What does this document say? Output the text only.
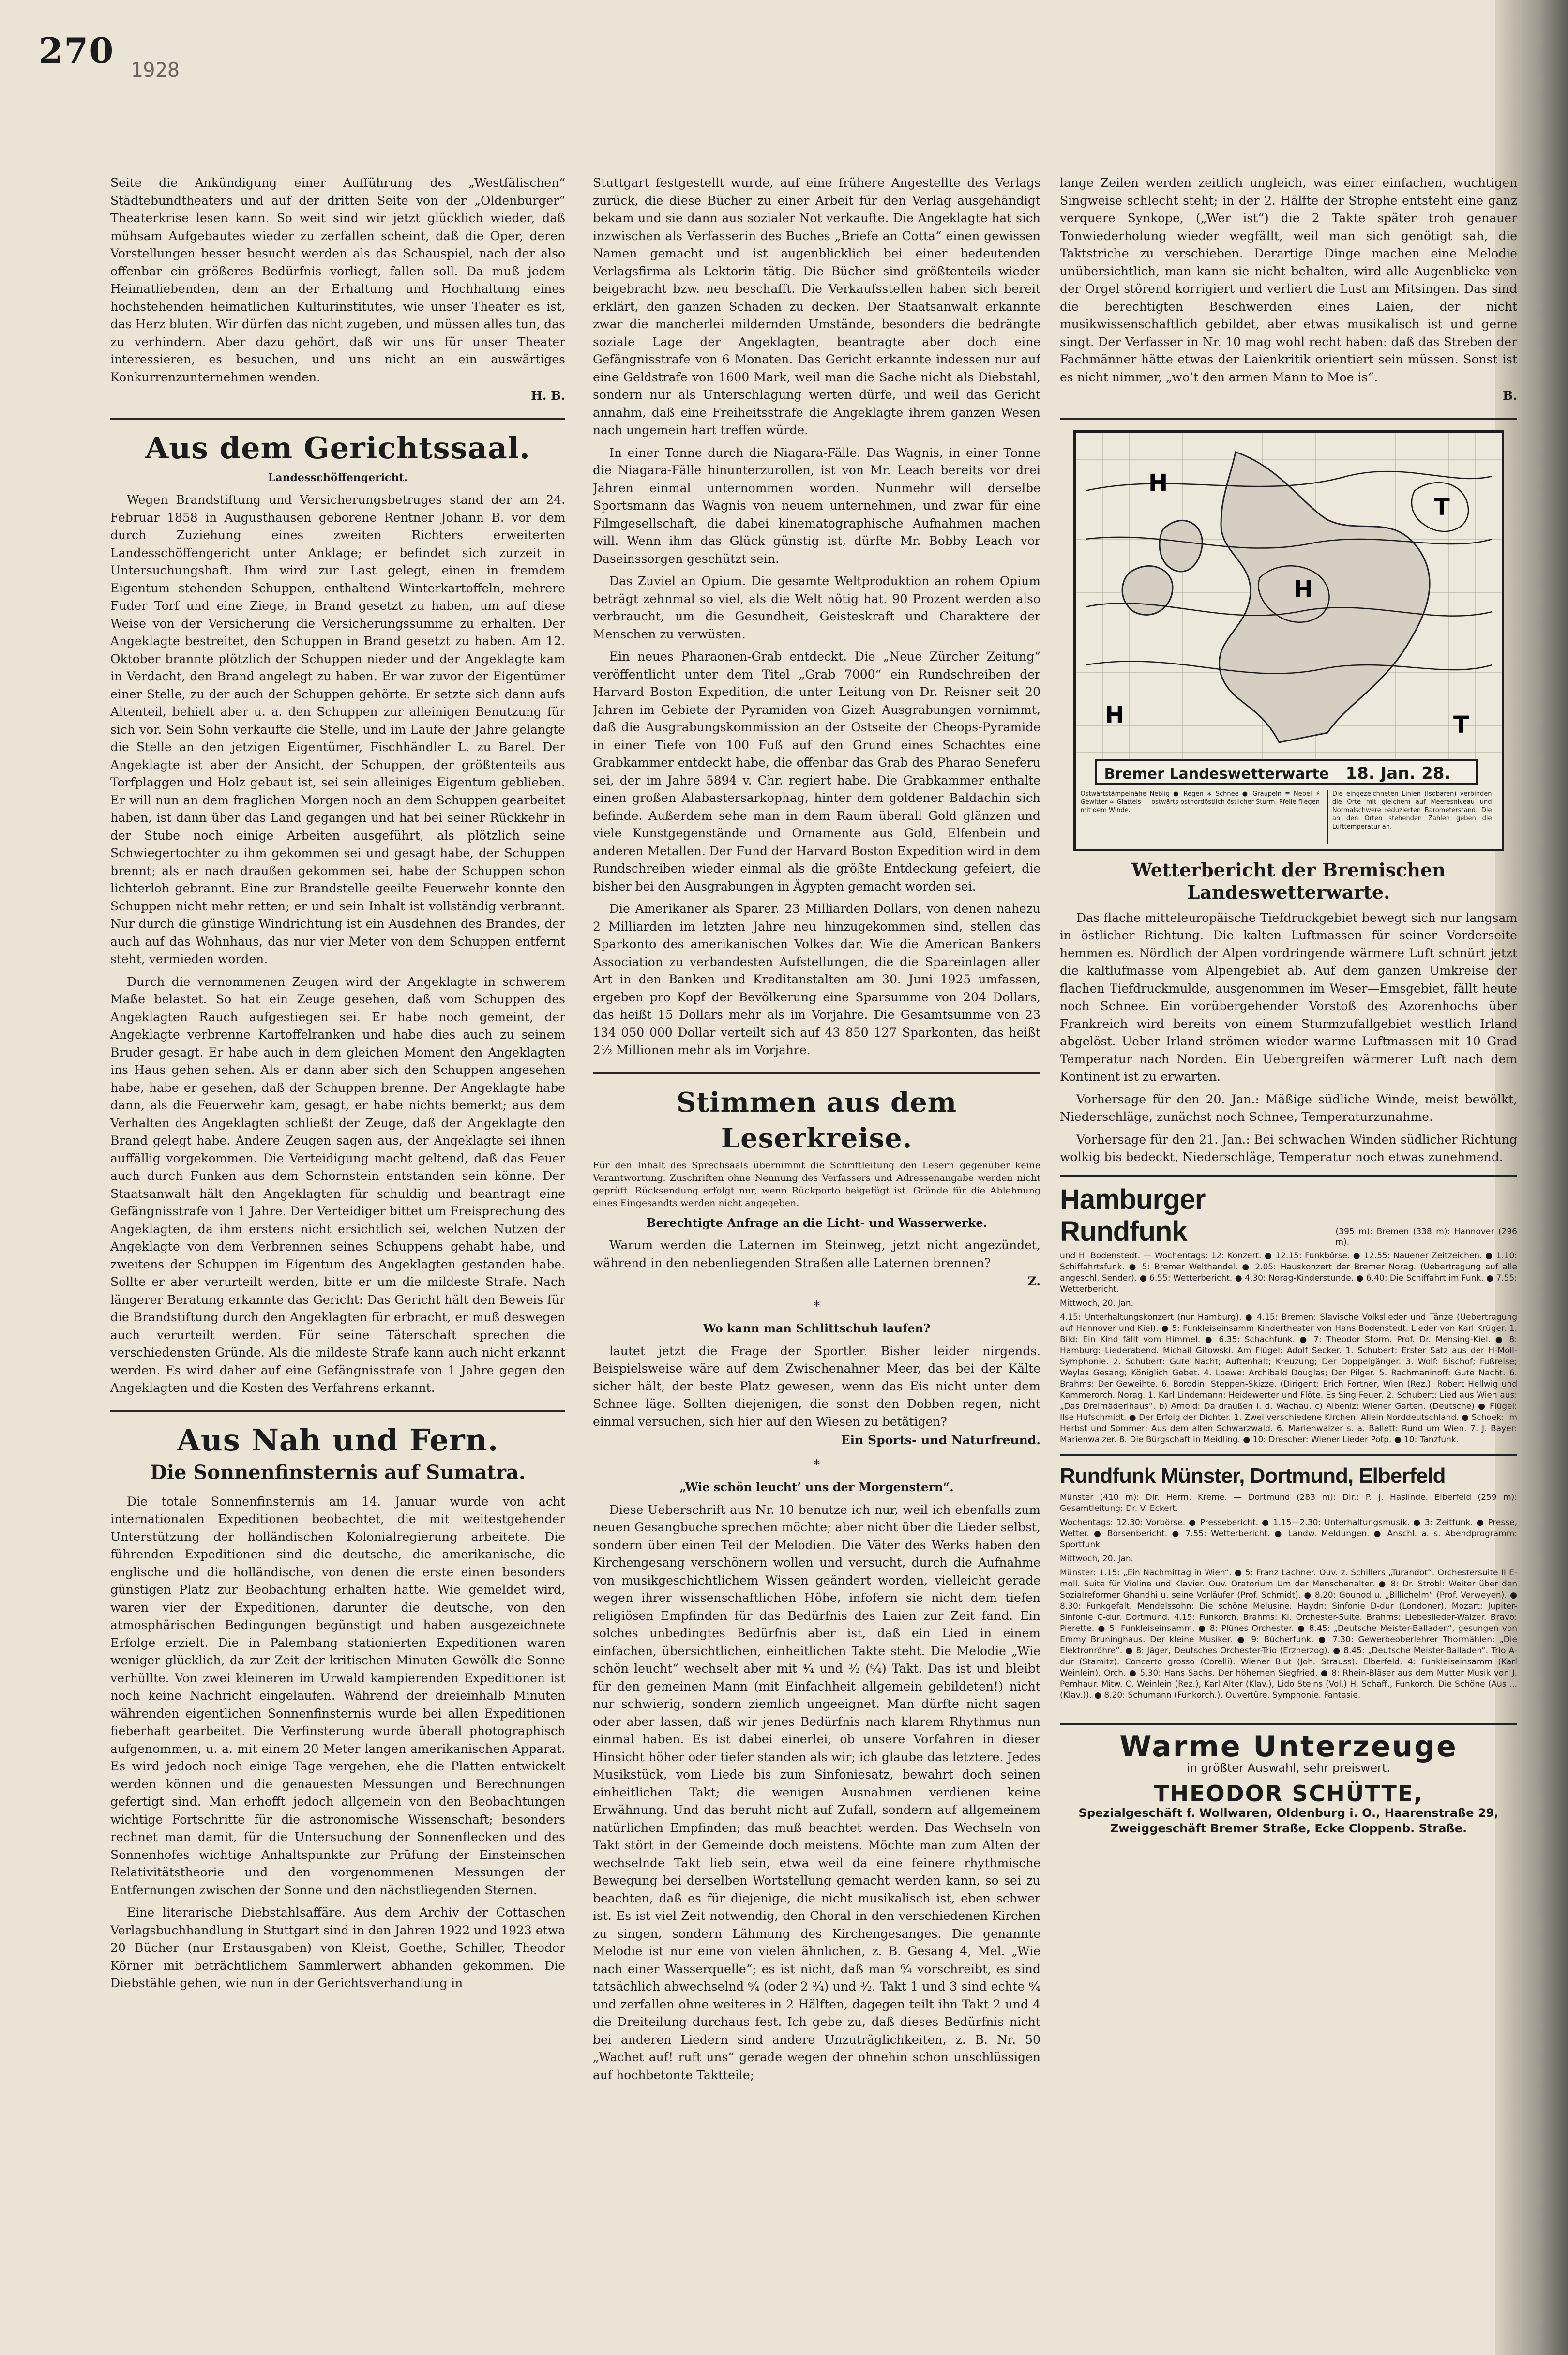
270 1928

Seite die Ankündigung einer Aufführung des „Westfälischen“ Städtebundtheaters und auf der dritten Seite von der „Oldenburger“ Theaterkrise lesen kann. So weit sind wir jetzt glücklich wieder, daß mühsam Aufgebautes wieder zu zerfallen scheint, daß die Oper, deren Vorstellungen besser besucht werden als das Schauspiel, nach der also offenbar ein größeres Bedürfnis vorliegt, fallen soll. Da muß jedem Heimatliebenden, dem an der Erhaltung und Hochhaltung eines hochstehenden heimatlichen Kulturinstitutes, wie unser Theater es ist, das Herz bluten. Wir dürfen das nicht zugeben, und müssen alles tun, das zu verhindern. Aber dazu gehört, daß wir uns für unser Theater interessieren, es besuchen, und uns nicht an ein auswärtiges Konkurrenzunternehmen wenden.

H. B.
Aus dem Gerichtssaal.
Landesschöffengericht.

Wegen Brandstiftung und Versicherungsbetruges stand der am 24. Februar 1858 in Augusthausen geborene Rentner Johann B. vor dem durch Zuziehung eines zweiten Richters erweiterten Landesschöffengericht unter Anklage; er befindet sich zurzeit in Untersuchungshaft. Ihm wird zur Last gelegt, einen in fremdem Eigentum stehenden Schuppen, enthaltend Winterkartoffeln, mehrere Fuder Torf und eine Ziege, in Brand gesetzt zu haben, um auf diese Weise von der Versicherung die Versicherungssumme zu erhalten. Der Angeklagte bestreitet, den Schuppen in Brand gesetzt zu haben. Am 12. Oktober brannte plötzlich der Schuppen nieder und der Angeklagte kam in Verdacht, den Brand angelegt zu haben. Er war zuvor der Eigentümer einer Stelle, zu der auch der Schuppen gehörte. Er setzte sich dann aufs Altenteil, behielt aber u. a. den Schuppen zur alleinigen Benutzung für sich vor. Sein Sohn verkaufte die Stelle, und im Laufe der Jahre gelangte die Stelle an den jetzigen Eigentümer, Fischhändler L. zu Barel. Der Angeklagte ist aber der Ansicht, der Schuppen, der größtenteils aus Torfplaggen und Holz gebaut ist, sei sein alleiniges Eigentum geblieben. Er will nun an dem fraglichen Morgen noch an dem Schuppen gearbeitet haben, ist dann über das Land gegangen und hat bei seiner Rückkehr in der Stube noch einige Arbeiten ausgeführt, als plötzlich seine Schwiegertochter zu ihm gekommen sei und gesagt habe, der Schuppen brennt; als er nach draußen gekommen sei, habe der Schuppen schon lichterloh gebrannt. Eine zur Brandstelle geeilte Feuerwehr konnte den Schuppen nicht mehr retten; er und sein Inhalt ist vollständig verbrannt. Nur durch die günstige Windrichtung ist ein Ausdehnen des Brandes, der auch auf das Wohnhaus, das nur vier Meter von dem Schuppen entfernt steht, vermieden worden.

Durch die vernommenen Zeugen wird der Angeklagte in schwerem Maße belastet. So hat ein Zeuge gesehen, daß vom Schuppen des Angeklagten Rauch aufgestiegen sei. Er habe noch gemeint, der Angeklagte verbrenne Kartoffelranken und habe dies auch zu seinem Bruder gesagt. Er habe auch in dem gleichen Moment den Angeklagten ins Haus gehen sehen. Als er dann aber sich den Schuppen angesehen habe, habe er gesehen, daß der Schuppen brenne. Der Angeklagte habe dann, als die Feuerwehr kam, gesagt, er habe nichts bemerkt; aus dem Verhalten des Angeklagten schließt der Zeuge, daß der Angeklagte den Brand gelegt habe. Andere Zeugen sagen aus, der Angeklagte sei ihnen auffällig vorgekommen. Die Verteidigung macht geltend, daß das Feuer auch durch Funken aus dem Schornstein entstanden sein könne. Der Staatsanwalt hält den Angeklagten für schuldig und beantragt eine Gefängnisstrafe von 1 Jahre. Der Verteidiger bittet um Freisprechung des Angeklagten, da ihm erstens nicht ersichtlich sei, welchen Nutzen der Angeklagte von dem Verbrennen seines Schuppens gehabt habe, und zweitens der Schuppen im Eigentum des Angeklagten gestanden habe. Sollte er aber verurteilt werden, bitte er um die mildeste Strafe. Nach längerer Beratung erkannte das Gericht: Das Gericht hält den Beweis für die Brandstiftung durch den Angeklagten für erbracht, er muß deswegen auch verurteilt werden. Für seine Täterschaft sprechen die verschiedensten Gründe. Als die mildeste Strafe kann auch nicht erkannt werden. Es wird daher auf eine Gefängnisstrafe von 1 Jahre gegen den Angeklagten und die Kosten des Verfahrens erkannt.

Aus Nah und Fern.
Die Sonnenfinsternis auf Sumatra.

Die totale Sonnenfinsternis am 14. Januar wurde von acht internationalen Expeditionen beobachtet, die mit weitestgehender Unterstützung der holländischen Kolonialregierung arbeitete. Die führenden Expeditionen sind die deutsche, die amerikanische, die englische und die holländische, von denen die erste einen besonders günstigen Platz zur Beobachtung erhalten hatte. Wie gemeldet wird, waren vier der Expeditionen, darunter die deutsche, von den atmosphärischen Bedingungen begünstigt und haben ausgezeichnete Erfolge erzielt. Die in Palembang stationierten Expeditionen waren weniger glücklich, da zur Zeit der kritischen Minuten Gewölk die Sonne verhüllte. Von zwei kleineren im Urwald kampierenden Expeditionen ist noch keine Nachricht eingelaufen. Während der dreieinhalb Minuten währenden eigentlichen Sonnenfinsternis wurde bei allen Expeditionen fieberhaft gearbeitet. Die Verfinsterung wurde überall photographisch aufgenommen, u. a. mit einem 20 Meter langen amerikanischen Apparat. Es wird jedoch noch einige Tage vergehen, ehe die Platten entwickelt werden können und die genauesten Messungen und Berechnungen gefertigt sind. Man erhofft jedoch allgemein von den Beobachtungen wichtige Fortschritte für die astronomische Wissenschaft; besonders rechnet man damit, für die Untersuchung der Sonnenflecken und des Sonnenhofes wichtige Anhaltspunkte zur Prüfung der Einsteinschen Relativitätstheorie und den vorgenommenen Messungen der Entfernungen zwischen der Sonne und den nächstliegenden Sternen.

Eine literarische Diebstahlsaffäre. Aus dem Archiv der Cottaschen Verlagsbuchhandlung in Stuttgart sind in den Jahren 1922 und 1923 etwa 20 Bücher (nur Erstausgaben) von Kleist, Goethe, Schiller, Theodor Körner mit beträchtlichem Sammlerwert abhanden gekommen. Die Diebstähle gehen, wie nun in der Gerichtsverhandlung in

Stuttgart festgestellt wurde, auf eine frühere Angestellte des Verlags zurück, die diese Bücher zu einer Arbeit für den Verlag ausgehändigt bekam und sie dann aus sozialer Not verkaufte. Die Angeklagte hat sich inzwischen als Verfasserin des Buches „Briefe an Cotta“ einen gewissen Namen gemacht und ist augenblicklich bei einer bedeutenden Verlagsfirma als Lektorin tätig. Die Bücher sind größtenteils wieder beigebracht bzw. neu beschafft. Die Verkaufsstellen haben sich bereit erklärt, den ganzen Schaden zu decken. Der Staatsanwalt erkannte zwar die mancherlei mildernden Umstände, besonders die bedrängte soziale Lage der Angeklagten, beantragte aber doch eine Gefängnisstrafe von 6 Monaten. Das Gericht erkannte indessen nur auf eine Geldstrafe von 1600 Mark, weil man die Sache nicht als Diebstahl, sondern nur als Unterschlagung werten dürfe, und weil das Gericht annahm, daß eine Freiheitsstrafe die Angeklagte ihrem ganzen Wesen nach ungemein hart treffen würde.

In einer Tonne durch die Niagara-Fälle. Das Wagnis, in einer Tonne die Niagara-Fälle hinunterzurollen, ist von Mr. Leach bereits vor drei Jahren einmal unternommen worden. Nunmehr will derselbe Sportsmann das Wagnis von neuem unternehmen, und zwar für eine Filmgesellschaft, die dabei kinematographische Aufnahmen machen will. Wenn ihm das Glück günstig ist, dürfte Mr. Bobby Leach vor Daseinssorgen geschützt sein.

Das Zuviel an Opium. Die gesamte Weltproduktion an rohem Opium beträgt zehnmal so viel, als die Welt nötig hat. 90 Prozent werden also verbraucht, um die Gesundheit, Geisteskraft und Charaktere der Menschen zu verwüsten.

Ein neues Pharaonen-Grab entdeckt. Die „Neue Zürcher Zeitung“ veröffentlicht unter dem Titel „Grab 7000“ ein Rundschreiben der Harvard Boston Expedition, die unter Leitung von Dr. Reisner seit 20 Jahren im Gebiete der Pyramiden von Gizeh Ausgrabungen vornimmt, daß die Ausgrabungskommission an der Ostseite der Cheops-Pyramide in einer Tiefe von 100 Fuß auf den Grund eines Schachtes eine Grabkammer entdeckt habe, die offenbar das Grab des Pharao Seneferu sei, der im Jahre 5894 v. Chr. regiert habe. Die Grabkammer enthalte einen großen Alabastersarkophag, hinter dem goldener Baldachin sich befinde. Außerdem sehe man in dem Raum überall Gold glänzen und viele Kunstgegenstände und Ornamente aus Gold, Elfenbein und anderen Metallen. Der Fund der Harvard Boston Expedition wird in dem Rundschreiben wieder einmal als die größte Entdeckung gefeiert, die bisher bei den Ausgrabungen in Ägypten gemacht worden sei.

Die Amerikaner als Sparer. 23 Milliarden Dollars, von denen nahezu 2 Milliarden im letzten Jahre neu hinzugekommen sind, stellen das Sparkonto des amerikanischen Volkes dar. Wie die American Bankers Association zu verbandesten Aufstellungen, die die Spareinlagen aller Art in den Banken und Kreditanstalten am 30. Juni 1925 umfassen, ergeben pro Kopf der Bevölkerung eine Sparsumme von 204 Dollars, das heißt 15 Dollars mehr als im Vorjahre. Die Gesamtsumme von 23 134 050 000 Dollar verteilt sich auf 43 850 127 Sparkonten, das heißt 2½ Millionen mehr als im Vorjahre.

Stimmen aus dem Leserkreise.

Für den Inhalt des Sprechsaals übernimmt die Schriftleitung den Lesern gegenüber keine Verantwortung. Zuschriften ohne Nennung des Verfassers und Adressenangabe werden nicht geprüft. Rücksendung erfolgt nur, wenn Rückporto beigefügt ist. Gründe für die Ablehnung eines Eingesandts werden nicht angegeben.

Berechtigte Anfrage an die Licht- und Wasserwerke.

Warum werden die Laternen im Steinweg, jetzt nicht angezündet, während in den nebenliegenden Straßen alle Laternen brennen?

Z.

*

Wo kann man Schlittschuh laufen?

lautet jetzt die Frage der Sportler. Bisher leider nirgends. Beispielsweise wäre auf dem Zwischenahner Meer, das bei der Kälte sicher hält, der beste Platz gewesen, wenn das Eis nicht unter dem Schnee läge. Sollten diejenigen, die sonst den Dobben regen, nicht einmal versuchen, sich hier auf den Wiesen zu betätigen?

Ein Sports- und Naturfreund.

*

„Wie schön leucht’ uns der Morgenstern“.

Diese Ueberschrift aus Nr. 10 benutze ich nur, weil ich ebenfalls zum neuen Gesangbuche sprechen möchte; aber nicht über die Lieder selbst, sondern über einen Teil der Melodien. Die Väter des Werks haben den Kirchengesang verschönern wollen und versucht, durch die Aufnahme von musikgeschichtlichem Wissen geändert worden, vielleicht gerade wegen ihrer wissenschaftlichen Höhe, infofern sie nicht dem tiefen religiösen Empfinden für das Bedürfnis des Laien zur Zeit fand. Ein solches unbedingtes Bedürfnis aber ist, daß ein Lied in einem einfachen, übersichtlichen, einheitlichen Takte steht. Die Melodie „Wie schön leucht“ wechselt aber mit ⁴⁄₄ und ³⁄₂ (⁶⁄₄) Takt. Das ist und bleibt für den gemeinen Mann (mit Einfachheit allgemein gebildeten!) nicht nur schwierig, sondern ziemlich ungeeignet. Man dürfte nicht sagen oder aber lassen, daß wir jenes Bedürfnis nach klarem Rhythmus nun einmal haben. Es ist dabei einerlei, ob unsere Vorfahren in dieser Hinsicht höher oder tiefer standen als wir; ich glaube das letztere. Jedes Musikstück, vom Liede bis zum Sinfoniesatz, bewahrt doch seinen einheitlichen Takt; die wenigen Ausnahmen verdienen keine Erwähnung. Und das beruht nicht auf Zufall, sondern auf allgemeinem natürlichen Empfinden; das muß beachtet werden. Das Wechseln von Takt stört in der Gemeinde doch meistens. Möchte man zum Alten der wechselnde Takt lieb sein, etwa weil da eine feinere rhythmische Bewegung bei derselben Wortstellung gemacht werden kann, so sei zu beachten, daß es für diejenige, die nicht musikalisch ist, eben schwer ist. Es ist viel Zeit notwendig, den Choral in den verschiedenen Kirchen zu singen, sondern Lähmung des Kirchengesanges. Die genannte Melodie ist nur eine von vielen ähnlichen, z. B. Gesang 4, Mel. „Wie nach einer Wasserquelle“; es ist nicht, daß man ⁶⁄₄ vorschreibt, es sind tatsächlich abwechselnd ⁶⁄₄ (oder 2 ³⁄₄) und ³⁄₂. Takt 1 und 3 sind echte ⁶⁄₄ und zerfallen ohne weiteres in 2 Hälften, dagegen teilt ihn Takt 2 und 4 die Dreiteilung durchaus fest. Ich gebe zu, daß dieses Bedürfnis nicht bei anderen Liedern sind andere Unzuträglichkeiten, z. B. Nr. 50 „Wachet auf! ruft uns“ gerade wegen der ohnehin schon unschlüssigen auf hochbetonte Taktteile;

lange Zeilen werden zeitlich ungleich, was einer einfachen, wuchtigen Singweise schlecht steht; in der 2. Hälfte der Strophe entsteht eine ganz verquere Synkope, („Wer ist“) die 2 Takte später troh genauer Tonwiederholung wieder wegfällt, weil man sich genötigt sah, die Taktstriche zu verschieben. Derartige Dinge machen eine Melodie unübersichtlich, man kann sie nicht behalten, wird alle Augenblicke von der Orgel störend korrigiert und verliert die Lust am Mitsingen. Das sind die berechtigten Beschwerden eines Laien, der nicht musikwissenschaftlich gebildet, aber etwas musikalisch ist und gerne singt. Der Verfasser in Nr. 10 mag wohl recht haben: daß das Streben der Fachmänner hätte etwas der Laienkritik orientiert sein müssen. Sonst ist es nicht nimmer, „wo’t den armen Mann to Moe is“.

B.
H
T
H	T
H
Bremer Landeswetterwarte 18. Jan. 28.
Ostwärtstämpelnähe Neblig ● Regen ∗ Schnee ● Graupeln ≡ Nebel ⚡ Gewitter ∞ Glatteis — ostwärts ostnordöstlich östlicher Sturm. Pfeile fliegen mit dem Winde.
Die eingezeichneten Linien (Isobaren) verbinden die Orte mit gleichem auf Meeresniveau und Normalschwere reduzierten Barometerstand. Die an den Orten stehenden Zahlen geben die Lufttemperatur an.
Wetterbericht der Bremischen Landeswetterwarte.

Das flache mitteleuropäische Tiefdruckgebiet bewegt sich nur langsam in östlicher Richtung. Die kalten Luftmassen für seiner Vorderseite hemmen es. Nördlich der Alpen vordringende wärmere Luft schnürt jetzt die kaltlufmasse vom Alpengebiet ab. Auf dem ganzen Umkreise der flachen Tiefdruckmulde, ausgenommen im Weser—Emsgebiet, fällt heute noch Schnee. Ein vorübergehender Vorstoß des Azorenhochs über Frankreich wird bereits von einem Sturmzufallgebiet westlich Irland abgelöst. Ueber Irland strömen wieder warme Luftmassen mit 10 Grad Temperatur nach Norden. Ein Uebergreifen wärmerer Luft nach dem Kontinent ist zu erwarten.

Vorhersage für den 20. Jan.: Mäßige südliche Winde, meist bewölkt, Niederschläge, zunächst noch Schnee, Temperaturzunahme.

Vorhersage für den 21. Jan.: Bei schwachen Winden südlicher Richtung wolkig bis bedeckt, Niederschläge, Temperatur noch etwas zunehmend.

Hamburger Rundfunk	(395 m): Bremen (338 m): Hannover (296 m).
und H. Bodenstedt. — Wochentags: 12: Konzert. ● 12.15: Funkbörse. ● 12.55: Nauener Zeitzeichen. ● 1.10: Schiffahrtsfunk. ● 5: Bremer Welthandel. ● 2.05: Hauskonzert der Bremer Norag. (Uebertragung auf alle angeschl. Sender). ● 6.55: Wetterbericht. ● 4.30: Norag-Kinderstunde. ● 6.40: Die Schiffahrt im Funk. ● 7.55: Wetterbericht.
Mittwoch, 20. Jan.
4.15: Unterhaltungskonzert (nur Hamburg). ● 4.15: Bremen: Slavische Volkslieder und Tänze (Uebertragung auf Hannover und Kiel). ● 5: Funkleiseinsamm Kindertheater von Hans Bodenstedt. Lieder von Karl Krüger. 1. Bild: Ein Kind fällt vom Himmel. ● 6.35: Schachfunk. ● 7: Theodor Storm. Prof. Dr. Mensing-Kiel. ● 8: Hamburg: Liederabend. Michail Gitowski. Am Flügel: Adolf Secker. 1. Schubert: Erster Satz aus der H-Moll-Symphonie. 2. Schubert: Gute Nacht; Auftenhalt; Kreuzung; Der Doppelgänger. 3. Wolf: Bischof; Fußreise; Weylas Gesang; Königlich Gebet. 4. Loewe: Archibald Douglas; Der Pilger. 5. Rachmaninoff: Gute Nacht. 6. Brahms: Der Geweihte. 6. Borodin: Steppen-Skizze. (Dirigent: Erich Fortner, Wien (Rez.). Robert Hellwig und Kammerorch. Norag. 1. Karl Lindemann: Heidewerter und Flöte. Es Sing Feuer. 2. Schubert: Lied aus Wien aus: „Das Dreimäderlhaus“. b) Arnold: Da draußen i. d. Wachau. c) Albeniz: Wiener Garten. (Deutsche) ● Flügel: Ilse Hufschmidt. ● Der Erfolg der Dichter. 1. Zwei verschiedene Kirchen. Allein Norddeutschland. ● Schoek: Im Herbst und Sommer: Aus dem alten Schwarzwald. 6. Marienwalzer s. a. Ballett: Rund um Wien. 7. J. Bayer: Marienwalzer. 8. Die Bürgschaft in Meidling. ● 10: Drescher: Wiener Lieder Potp. ● 10: Tanzfunk.
Rundfunk Münster, Dortmund, Elberfeld
Münster (410 m): Dir. Herm. Kreme. — Dortmund (283 m): Dir.: P. J. Haslinde. Elberfeld (259 m): Gesamtleitung: Dr. V. Eckert.
Wochentags: 12.30: Vorbörse. ● Pressebericht. ● 1.15—2.30: Unterhaltungsmusik. ● 3: Zeitfunk. ● Presse, Wetter. ● Börsenbericht. ● 7.55: Wetterbericht. ● Landw. Meldungen. ● Anschl. a. s. Abendprogramm: Sportfunk
Mittwoch, 20. Jan.
Münster: 1.15: „Ein Nachmittag in Wien“. ● 5: Franz Lachner. Ouv. z. Schillers „Turandot“. Orchestersuite II E-moll. Suite für Violine und Klavier. Ouv. Oratorium Um der Menschenalter. ● 8: Dr. Strobl: Weiter über den Sozialreformer Ghandhi u. seine Vorläufer (Prof. Schmidt). ● 8.20: Gounod u. „Billichelm“ (Prof. Verweyen). ● 8.30: Funkgefalt. Mendelssohn: Die schöne Melusine. Haydn: Sinfonie D-dur (Londoner). Mozart: Jupiter-Sinfonie C-dur. Dortmund. 4.15: Funkorch. Brahms: Kl. Orchester-Suite. Brahms: Liebeslieder-Walzer. Bravo: Pierette. ● 5: Funkleiseinsamm. ● 8: Plünes Orchester. ● 8.45: „Deutsche Meister-Balladen“, gesungen von Emmy Bruninghaus. Der kleine Musiker. ● 9: Bücherfunk. ● 7.30: Gewerbeoberlehrer Thormählen: „Die Elektronröhre“. ● 8: Jäger, Deutsches Orchester-Trio (Erzherzog). ● 8.45: „Deutsche Meister-Balladen“. Trio A-dur (Stamitz). Concerto grosso (Corelli). Wiener Blut (Joh. Strauss). Elberfeld. 4: Funkleiseinsamm (Karl Weinlein), Orch. ● 5.30: Hans Sachs, Der höhernen Siegfried. ● 8: Rhein-Bläser aus dem Mutter Musik von J. Pemhaur. Mitw. C. Weinlein (Rez.), Karl Alter (Klav.), Lido Steins (Vol.) H. Schaff., Funkorch. Die Schöne (Aus ... (Klav.)). ● 8.20: Schumann (Funkorch.). Ouvertüre. Symphonie. Fantasie.
Warme Unterzeuge
in größter Auswahl, sehr preiswert.
THEODOR SCHÜTTE,
Spezialgeschäft f. Wollwaren, Oldenburg i. O., Haarenstraße 29,
Zweiggeschäft Bremer Straße, Ecke Cloppenb. Straße.
